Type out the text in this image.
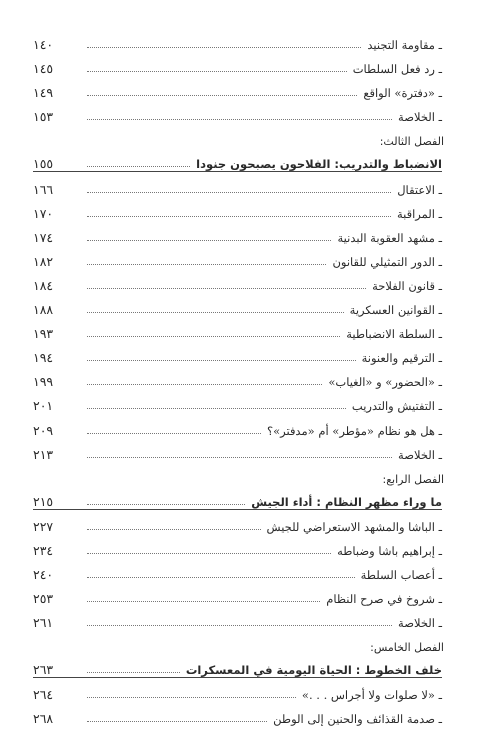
ـ مقاومة التجنيد
١٤٠
ـ رد فعل السلطات
١٤٥
ـ «دفترة» الواقع
١٤٩
ـ الخلاصة
١٥٣
الفصل الثالث:
الانضباط والتدريب: الفلاحون يصبحون جنودا
١٥٥
ـ الاعتقال
١٦٦
ـ المراقبة
١٧٠
ـ مشهد العقوبة البدنية
١٧٤
ـ الدور التمثيلي للقانون
١٨٢
ـ قانون الفلاحة
١٨٤
ـ القوانين العسكرية
١٨٨
ـ السلطة الانضباطية
١٩٣
ـ الترقيم والعنونة
١٩٤
ـ «الحضور» و «الغياب»
١٩٩
ـ التفتيش والتدريب
٢٠١
ـ هل هو نظام «مؤطر» أم «مدفتر»؟
٢٠٩
ـ الخلاصة
٢١٣
الفصل الرابع:
ما وراء مظهر النظام : أداء الجيش
٢١٥
ـ الباشا والمشهد الاستعراضي للجيش
٢٢٧
ـ إبراهيم باشا وضباطه
٢٣٤
ـ أعصاب السلطة
٢٤٠
ـ شروخ في صرح النظام
٢٥٣
ـ الخلاصة
٢٦١
الفصل الخامس:
خلف الخطوط : الحياة اليومية في المعسكرات
٢٦٣
ـ «لا صلوات ولا أجراس . . .»
٢٦٤
ـ صدمة القذائف والحنين إلى الوطن
٢٦٨
